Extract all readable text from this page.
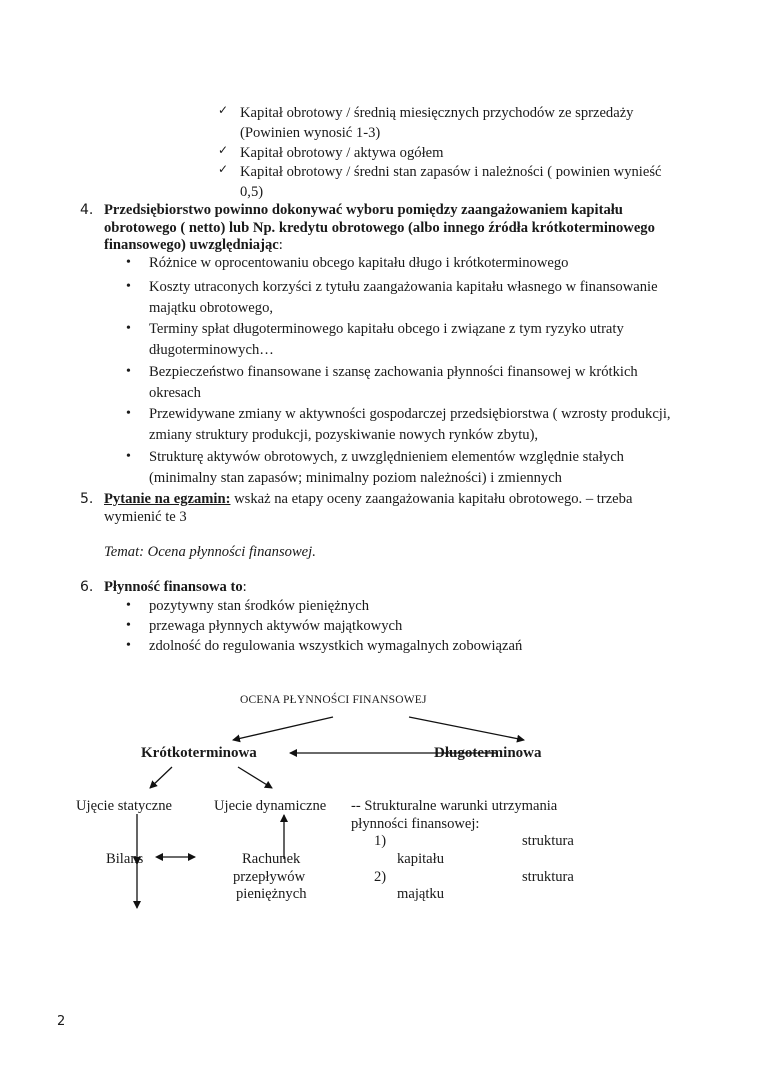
✓ Kapitał obrotowy / średnią miesięcznych przychodów ze sprzedaży
(Powinien wynosić 1-3)
✓ Kapitał obrotowy / aktywa ogółem
✓ Kapitał obrotowy / średni stan zapasów i należności ( powinien wynieść
0,5)
4. Przedsiębiorstwo powinno dokonywać wyboru pomiędzy zaangażowaniem kapitału
obrotowego ( netto) lub Np. kredytu obrotowego (albo innego źródła krótkoterminowego
finansowego) uwzględniając:
• Różnice w oprocentowaniu obcego kapitału długo i krótkoterminowego
• Koszty utraconych korzyści z tytułu zaangażowania kapitału własnego w finansowanie
majątku obrotowego,
• Terminy spłat długoterminowego kapitału obcego i związane z tym ryzyko utraty
długoterminowych…
• Bezpieczeństwo finansowane i szansę zachowania płynności finansowej w krótkich
okresach
• Przewidywane zmiany w aktywności gospodarczej przedsiębiorstwa ( wzrosty produkcji,
zmiany struktury produkcji, pozyskiwanie nowych rynków zbytu),
• Strukturę aktywów obrotowych, z uwzględnieniem elementów względnie stałych
(minimalny stan zapasów; minimalny poziom należności) i zmiennych
5. Pytanie na egzamin: wskaż na etapy oceny zaangażowania kapitału obrotowego. – trzeba
wymienić te 3
Temat: Ocena płynności finansowej.
6. Płynność finansowa to:
• pozytywny stan środków pieniężnych
• przewaga płynnych aktywów majątkowych
• zdolność do regulowania wszystkich wymagalnych zobowiązań
OCENA PŁYNNOŚCI FINANSOWEJ
Krótkoterminowa	Długoterminowa
Ujęcie statyczne	Ujecie dynamiczne
Bilans	Rachunek
przepływów
pieniężnych
-- Strukturalne warunki utrzymania
płynności finansowej:
1)	struktura
kapitału
2)	struktura
majątku
2
